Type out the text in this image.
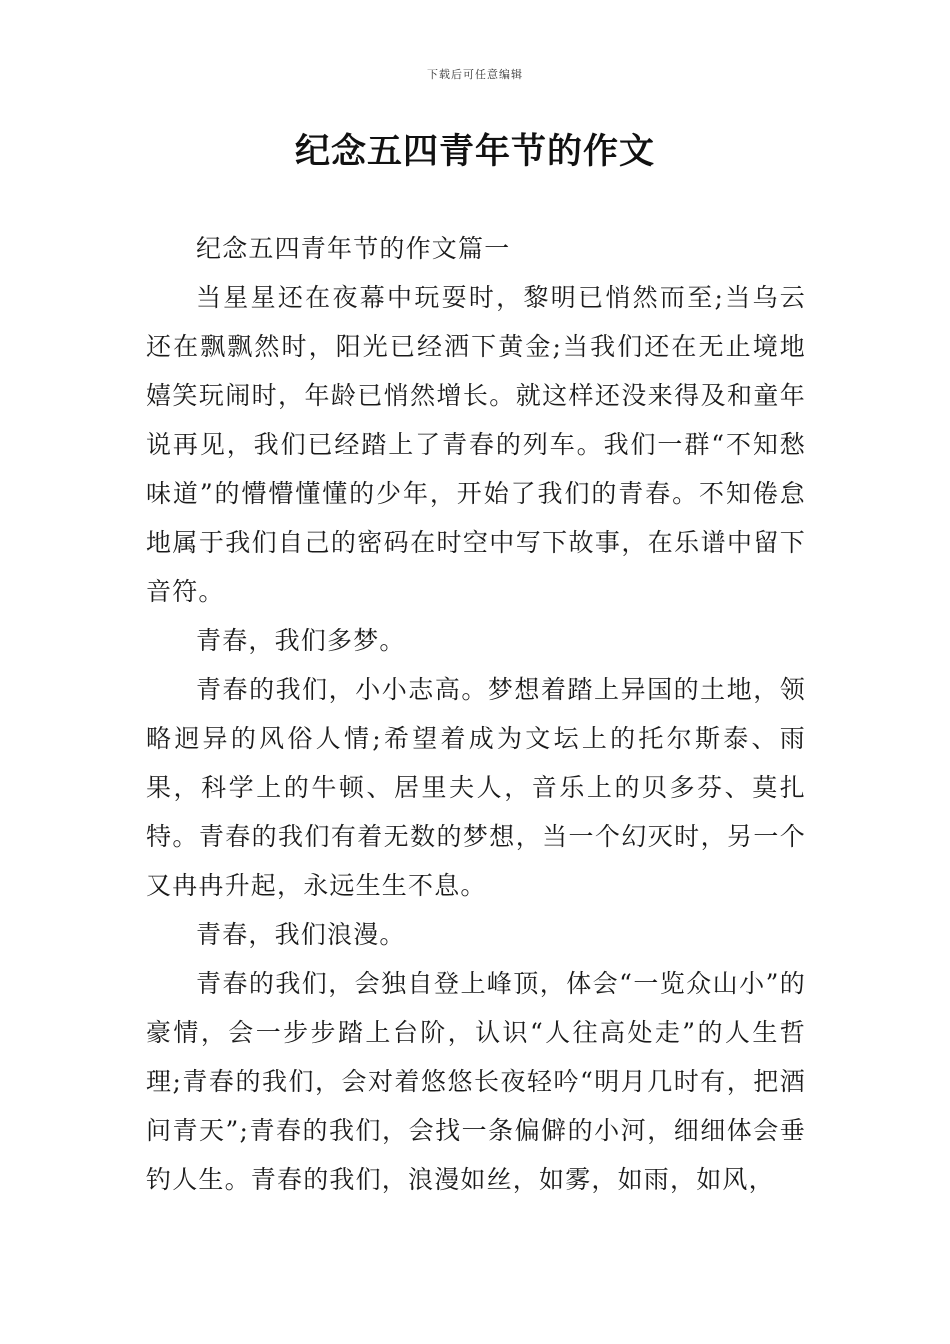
下载后可任意编辑
纪念五四青年节的作文

纪念五四青年节的作文篇一

当星星还在夜幕中玩耍时，黎明已悄然而至;当乌云还在飘飘然时，阳光已经洒下黄金;当我们还在无止境地嬉笑玩闹时，年龄已悄然增长。就这样还没来得及和童年说再见，我们已经踏上了青春的列车。我们一群“不知愁味道”的懵懵懂懂的少年，开始了我们的青春。不知倦怠地属于我们自己的密码在时空中写下故事，在乐谱中留下音符。

青春，我们多梦。

青春的我们，小小志高。梦想着踏上异国的土地，领略迥异的风俗人情;希望着成为文坛上的托尔斯泰、雨果，科学上的牛顿、居里夫人，音乐上的贝多芬、莫扎特。青春的我们有着无数的梦想，当一个幻灭时，另一个又冉冉升起，永远生生不息。

青春，我们浪漫。

青春的我们，会独自登上峰顶，体会“一览众山小”的豪情，会一步步踏上台阶，认识“人往高处走”的人生哲理;青春的我们，会对着悠悠长夜轻吟“明月几时有，把酒问青天”;青春的我们，会找一条偏僻的小河，细细体会垂钓人生。青春的我们，浪漫如丝，如雾，如雨，如风，
